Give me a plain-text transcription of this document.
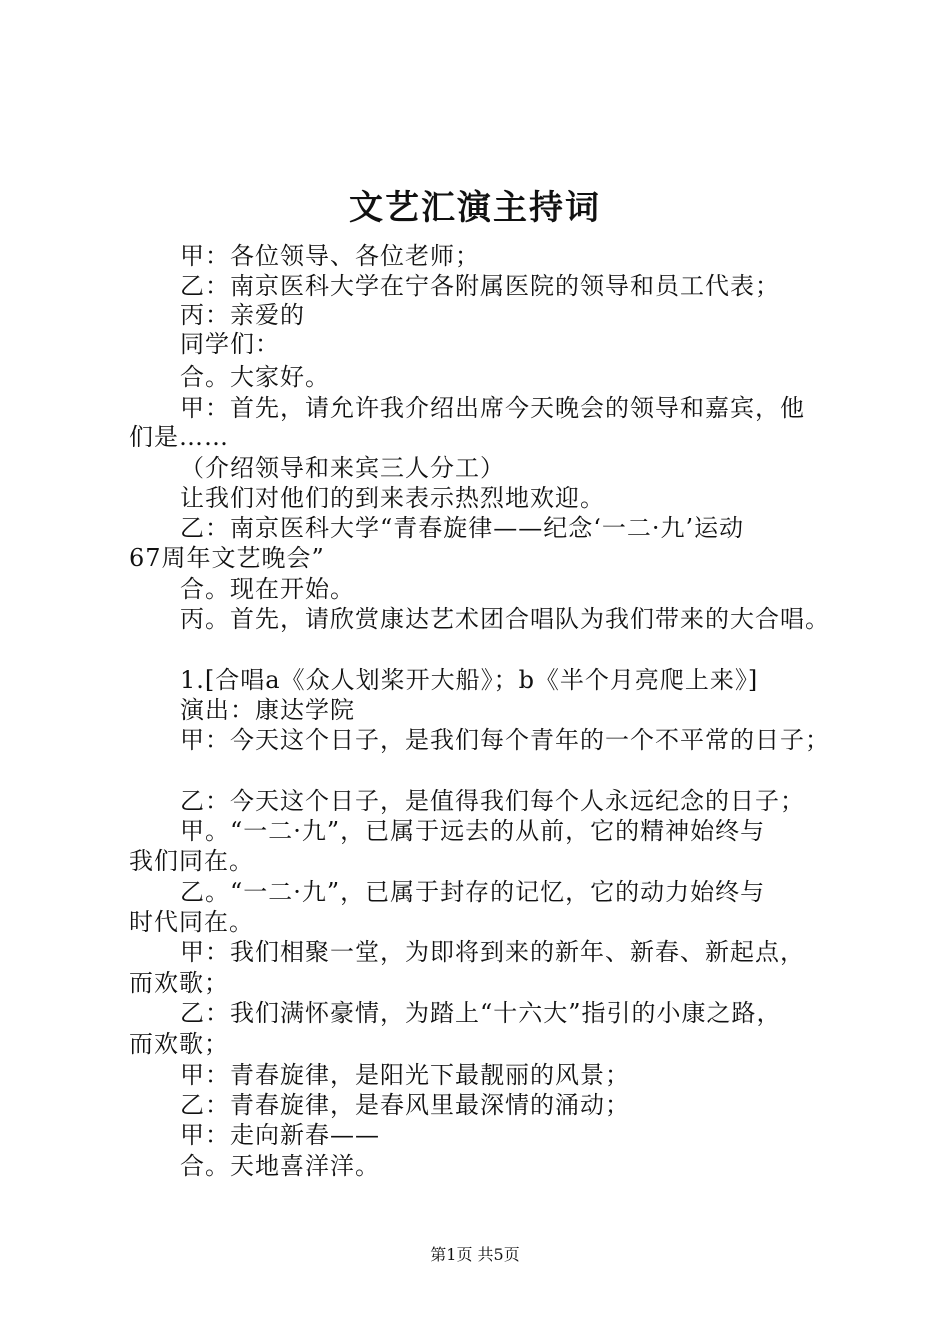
文艺汇演主持词
甲：各位领导、各位老师；
乙：南京医科大学在宁各附属医院的领导和员工代表；
丙：亲爱的
同学们：
合。大家好。
甲：首先，请允许我介绍出席今天晚会的领导和嘉宾，他
们是……
（介绍领导和来宾三人分工）
让我们对他们的到来表示热烈地欢迎。
乙：南京医科大学“青春旋律——纪念‘一二·九’运动
67周年文艺晚会”
合。现在开始。
丙。首先，请欣赏康达艺术团合唱队为我们带来的大合唱。
1.[合唱a《众人划桨开大船》；b《半个月亮爬上来》]
演出：康达学院
甲：今天这个日子，是我们每个青年的一个不平常的日子；
乙：今天这个日子，是值得我们每个人永远纪念的日子；
甲。“一二·九”，已属于远去的从前，它的精神始终与
我们同在。
乙。“一二·九”，已属于封存的记忆，它的动力始终与
时代同在。
甲：我们相聚一堂，为即将到来的新年、新春、新起点，
而欢歌；
乙：我们满怀豪情，为踏上“十六大”指引的小康之路，
而欢歌；
甲：青春旋律，是阳光下最靓丽的风景；
乙：青春旋律，是春风里最深情的涌动；
甲：走向新春——
合。天地喜洋洋。
第1页 共5页
